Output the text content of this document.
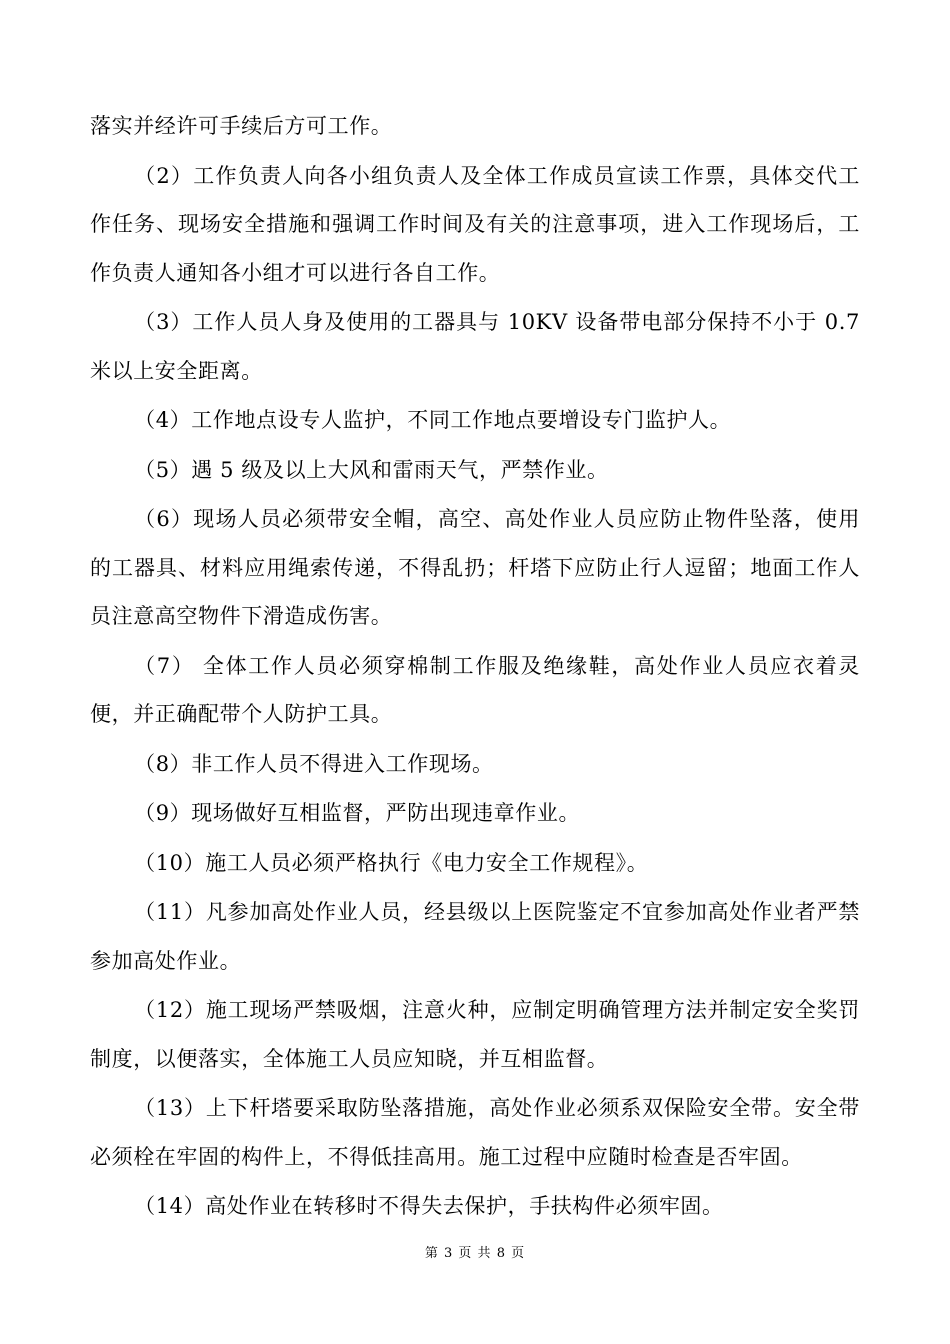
落实并经许可手续后方可工作。

（2）工作负责人向各小组负责人及全体工作成员宣读工作票，具体交代工作任务、现场安全措施和强调工作时间及有关的注意事项，进入工作现场后，工作负责人通知各小组才可以进行各自工作。

（3）工作人员人身及使用的工器具与 10KV 设备带电部分保持不小于 0.7 米以上安全距离。

（4）工作地点设专人监护，不同工作地点要增设专门监护人。

（5）遇 5 级及以上大风和雷雨天气，严禁作业。

（6）现场人员必须带安全帽，高空、高处作业人员应防止物件坠落，使用的工器具、材料应用绳索传递，不得乱扔；杆塔下应防止行人逗留；地面工作人员注意高空物件下滑造成伤害。

（7） 全体工作人员必须穿棉制工作服及绝缘鞋，高处作业人员应衣着灵便，并正确配带个人防护工具。

（8）非工作人员不得进入工作现场。

（9）现场做好互相监督，严防出现违章作业。

（10）施工人员必须严格执行《电力安全工作规程》。

（11）凡参加高处作业人员，经县级以上医院鉴定不宜参加高处作业者严禁参加高处作业。

（12）施工现场严禁吸烟，注意火种，应制定明确管理方法并制定安全奖罚制度，以便落实，全体施工人员应知晓，并互相监督。

（13）上下杆塔要采取防坠落措施，高处作业必须系双保险安全带。安全带必须栓在牢固的构件上，不得低挂高用。施工过程中应随时检查是否牢固。

（14）高处作业在转移时不得失去保护，手扶构件必须牢固。

第 3 页 共 8 页
